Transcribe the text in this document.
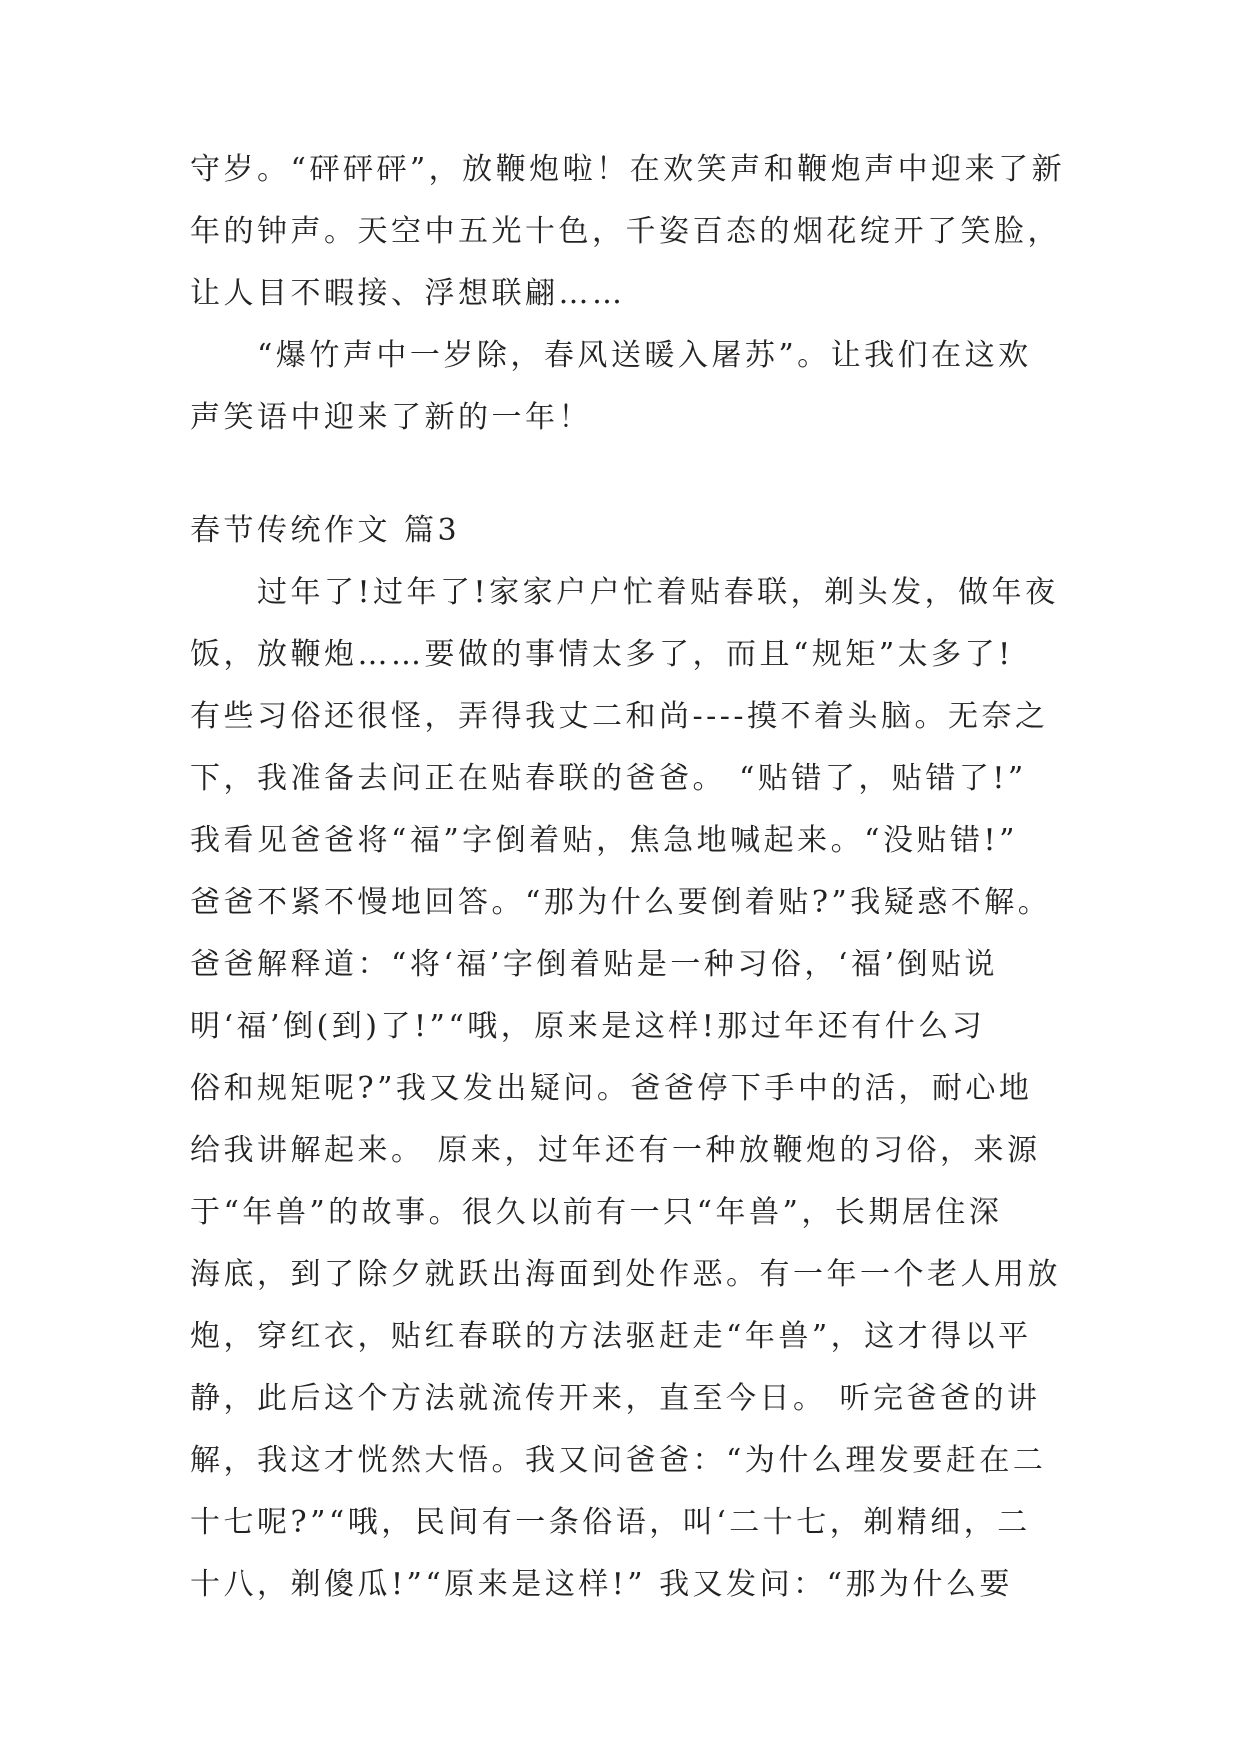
守岁。“砰砰砰”，放鞭炮啦！在欢笑声和鞭炮声中迎来了新
年的钟声。天空中五光十色，千姿百态的烟花绽开了笑脸，
让人目不暇接、浮想联翩……
　　“爆竹声中一岁除，春风送暖入屠苏”。让我们在这欢
声笑语中迎来了新的一年！
春节传统作文 篇3
　　过年了!过年了!家家户户忙着贴春联，剃头发，做年夜
饭，放鞭炮……要做的事情太多了，而且“规矩”太多了!
有些习俗还很怪，弄得我丈二和尚----摸不着头脑。无奈之
下，我准备去问正在贴春联的爸爸。 “贴错了，贴错了!”
我看见爸爸将“福”字倒着贴，焦急地喊起来。“没贴错!”
爸爸不紧不慢地回答。“那为什么要倒着贴?”我疑惑不解。
爸爸解释道：“将‘福’字倒着贴是一种习俗，‘福’倒贴说
明‘福’倒(到)了!”“哦，原来是这样!那过年还有什么习
俗和规矩呢?”我又发出疑问。爸爸停下手中的活，耐心地
给我讲解起来。 原来，过年还有一种放鞭炮的习俗，来源
于“年兽”的故事。很久以前有一只“年兽”，长期居住深
海底，到了除夕就跃出海面到处作恶。有一年一个老人用放
炮，穿红衣，贴红春联的方法驱赶走“年兽”，这才得以平
静，此后这个方法就流传开来，直至今日。 听完爸爸的讲
解，我这才恍然大悟。我又问爸爸：“为什么理发要赶在二
十七呢?”“哦，民间有一条俗语，叫‘二十七，剃精细，二
十八，剃傻瓜!”“原来是这样!” 我又发问：“那为什么要
